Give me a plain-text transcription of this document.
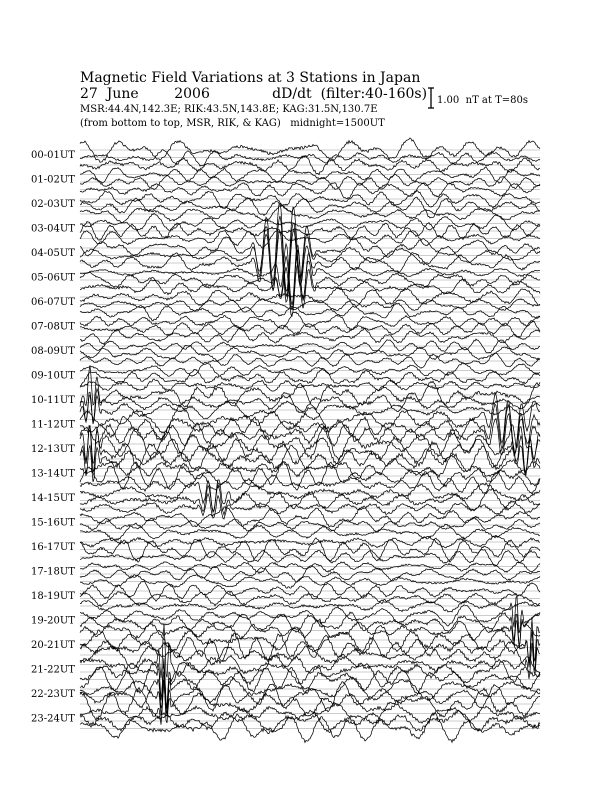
00-01UT
01-02UT
02-03UT
03-04UT
04-05UT
05-06UT
06-07UT
07-08UT
08-09UT
09-10UT
10-11UT
11-12UT
12-13UT
13-14UT
14-15UT
15-16UT
16-17UT
17-18UT
18-19UT
19-20UT
20-21UT
21-22UT
22-23UT
23-24UT
Magnetic Field Variations at 3 Stations in Japan
27  June        2006              dD/dt  (filter:40-160s)
MSR:44.4N,142.3E; RIK:43.5N,143.8E; KAG:31.5N,130.7E
(from bottom to top, MSR, RIK, & KAG)   midnight=1500UT
1.00  nT at T=80s
